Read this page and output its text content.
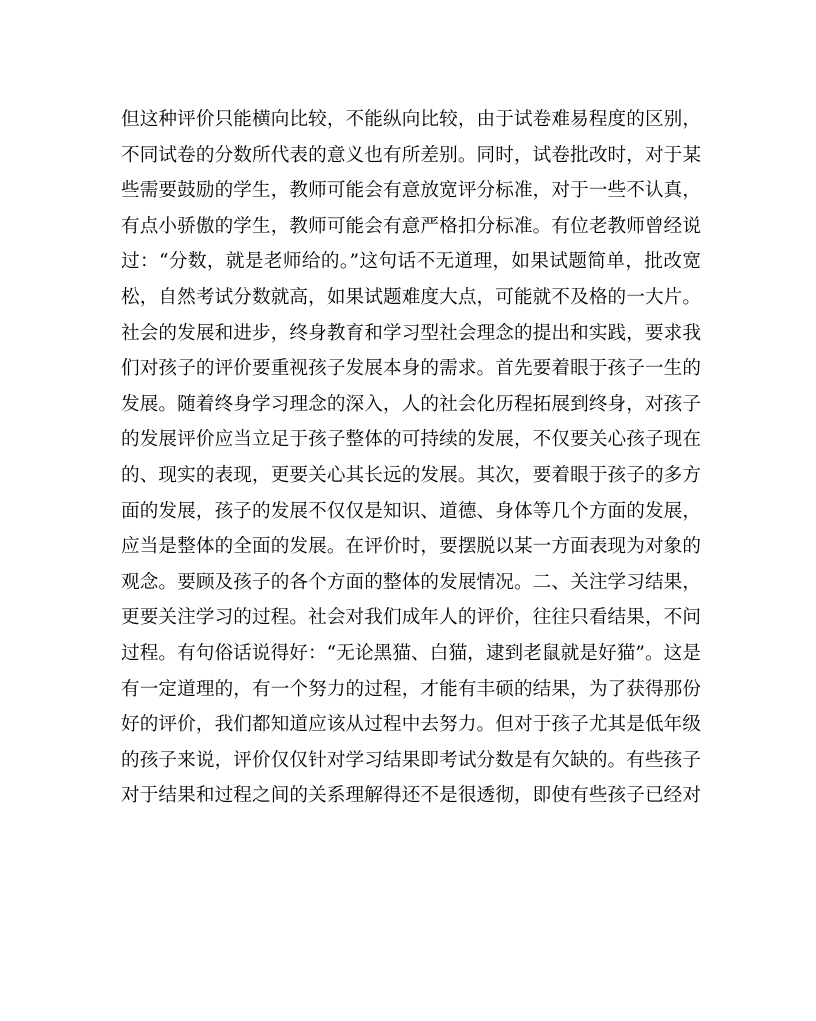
但这种评价只能横向比较，不能纵向比较，由于试卷难易程度的区别，
不同试卷的分数所代表的意义也有所差别。同时，试卷批改时，对于某
些需要鼓励的学生，教师可能会有意放宽评分标准，对于一些不认真，
有点小骄傲的学生，教师可能会有意严格扣分标准。有位老教师曾经说
过：“分数，就是老师给的。”这句话不无道理，如果试题简单，批改宽
松，自然考试分数就高，如果试题难度大点，可能就不及格的一大片。
社会的发展和进步，终身教育和学习型社会理念的提出和实践，要求我
们对孩子的评价要重视孩子发展本身的需求。首先要着眼于孩子一生的
发展。随着终身学习理念的深入，人的社会化历程拓展到终身，对孩子
的发展评价应当立足于孩子整体的可持续的发展，不仅要关心孩子现在
的、现实的表现，更要关心其长远的发展。其次，要着眼于孩子的多方
面的发展，孩子的发展不仅仅是知识、道德、身体等几个方面的发展，
应当是整体的全面的发展。在评价时，要摆脱以某一方面表现为对象的
观念。要顾及孩子的各个方面的整体的发展情况。二、关注学习结果，
更要关注学习的过程。社会对我们成年人的评价，往往只看结果，不问
过程。有句俗话说得好：“无论黑猫、白猫，逮到老鼠就是好猫”。这是
有一定道理的，有一个努力的过程，才能有丰硕的结果，为了获得那份
好的评价，我们都知道应该从过程中去努力。但对于孩子尤其是低年级
的孩子来说，评价仅仅针对学习结果即考试分数是有欠缺的。有些孩子
对于结果和过程之间的关系理解得还不是很透彻，即使有些孩子已经对
